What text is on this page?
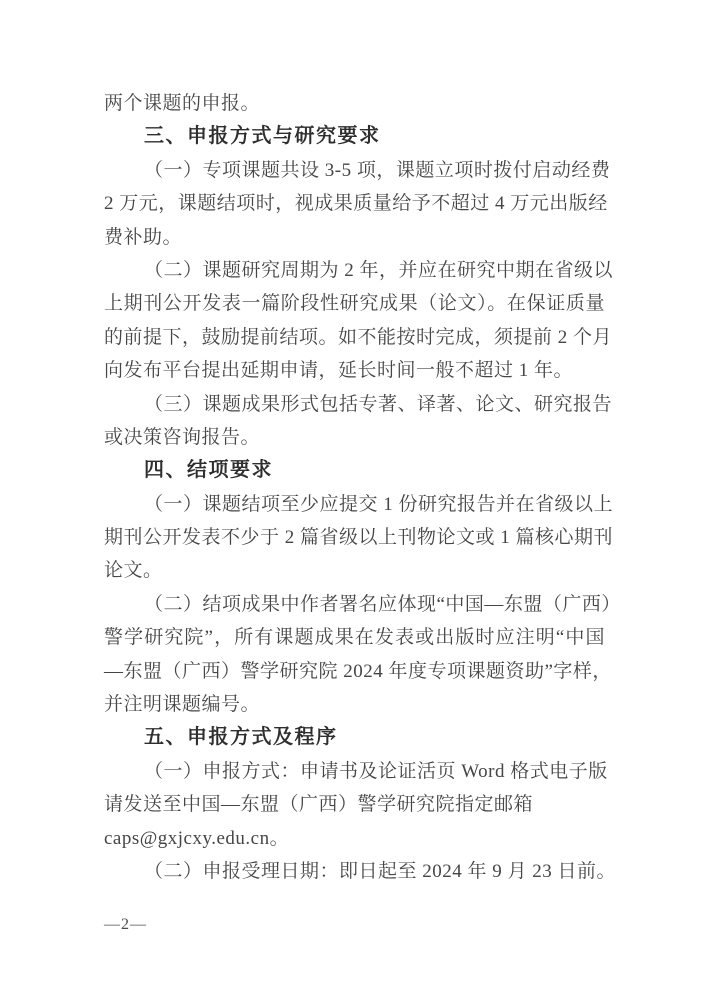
两个课题的申报。
三、申报方式与研究要求
（一）专项课题共设 3-5 项，课题立项时拨付启动经费
2 万元，课题结项时，视成果质量给予不超过 4 万元出版经
费补助。
（二）课题研究周期为 2 年，并应在研究中期在省级以
上期刊公开发表一篇阶段性研究成果（论文）。在保证质量
的前提下，鼓励提前结项。如不能按时完成，须提前 2 个月
向发布平台提出延期申请，延长时间一般不超过 1 年。
（三）课题成果形式包括专著、译著、论文、研究报告
或决策咨询报告。
四、结项要求
（一）课题结项至少应提交 1 份研究报告并在省级以上
期刊公开发表不少于 2 篇省级以上刊物论文或 1 篇核心期刊
论文。
（二）结项成果中作者署名应体现“中国—东盟（广西）
警学研究院”，所有课题成果在发表或出版时应注明“中国
—东盟（广西）警学研究院 2024 年度专项课题资助”字样，
并注明课题编号。
五、申报方式及程序
（一）申报方式：申请书及论证活页 Word 格式电子版
请发送至中国—东盟（广西）警学研究院指定邮箱
caps@gxjcxy.edu.cn。
（二）申报受理日期：即日起至 2024 年 9 月 23 日前。
—2—
